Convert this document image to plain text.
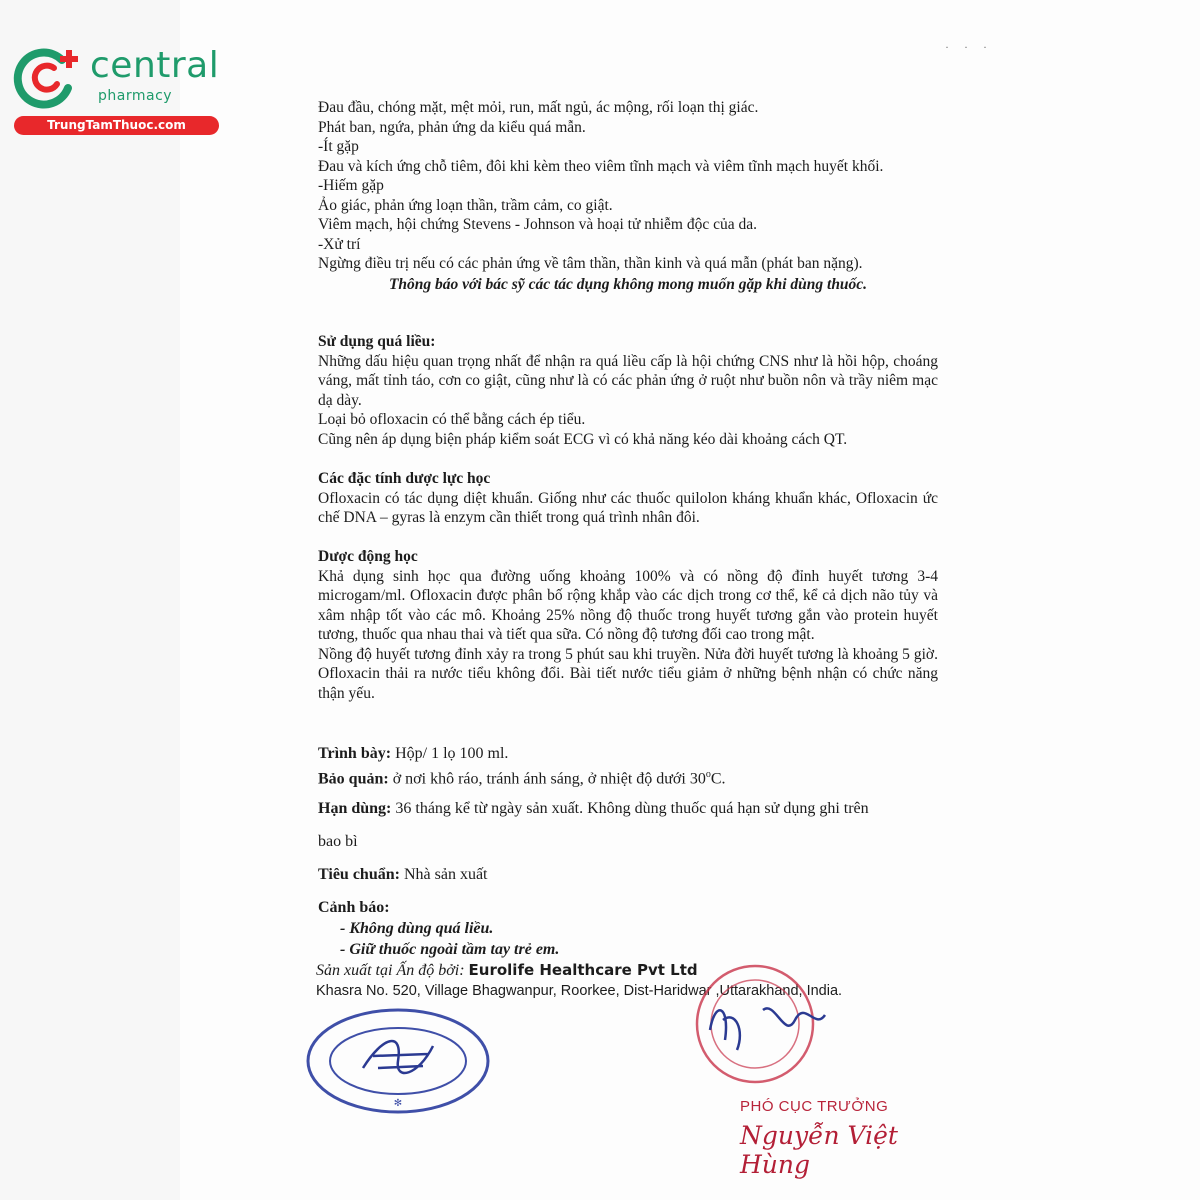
central
pharmacy
TrungTamThuoc.com
· · ·
Đau đầu, chóng mặt, mệt mỏi, run, mất ngủ, ác mộng, rối loạn thị giác.
Phát ban, ngứa, phản ứng da kiểu quá mẫn.
-Ít gặp
Đau và kích ứng chỗ tiêm, đôi khi kèm theo viêm tĩnh mạch và viêm tĩnh mạch huyết khối.
-Hiếm gặp
Ảo giác, phản ứng loạn thần, trầm cảm, co giật.
Viêm mạch, hội chứng Stevens - Johnson và hoại tử nhiễm độc của da.
-Xử trí
Ngừng điều trị nếu có các phản ứng về tâm thần, thần kinh và quá mẫn (phát ban nặng).
Thông báo với bác sỹ các tác dụng không mong muốn gặp khi dùng thuốc.
Sử dụng quá liều:
Những dấu hiệu quan trọng nhất để nhận ra quá liều cấp là hội chứng CNS như là hồi hộp, choáng váng, mất tỉnh táo, cơn co giật, cũng như là có các phản ứng ở ruột như buồn nôn và trầy niêm mạc dạ dày.
Loại bỏ ofloxacin có thể bằng cách ép tiểu.
Cũng nên áp dụng biện pháp kiểm soát ECG vì có khả năng kéo dài khoảng cách QT.
Các đặc tính dược lực học
Ofloxacin có tác dụng diệt khuẩn. Giống như các thuốc quilolon kháng khuẩn khác, Ofloxacin ức chế DNA – gyras là enzym cần thiết trong quá trình nhân đôi.
Dược động học
Khả dụng sinh học qua đường uống khoảng 100% và có nồng độ đỉnh huyết tương 3-4 microgam/ml. Ofloxacin được phân bố rộng khắp vào các dịch trong cơ thể, kể cả dịch não tủy và xâm nhập tốt vào các mô. Khoảng 25% nồng độ thuốc trong huyết tương gắn vào protein huyết tương, thuốc qua nhau thai và tiết qua sữa. Có nồng độ tương đối cao trong mật.
Nồng độ huyết tương đỉnh xảy ra trong 5 phút sau khi truyền. Nửa đời huyết tương là khoảng 5 giờ. Ofloxacin thải ra nước tiểu không đổi. Bài tiết nước tiểu giảm ở những bệnh nhận có chức năng thận yếu.
Trình bày: Hộp/ 1 lọ 100 ml.
Bảo quản: ở nơi khô ráo, tránh ánh sáng, ở nhiệt độ dưới 30$^o$C.
Hạn dùng: 36 tháng kể từ ngày sản xuất. Không dùng thuốc quá hạn sử dụng ghi trên
bao bì
Tiêu chuẩn: Nhà sản xuất
Cảnh báo:
- Không dùng quá liều.
- Giữ thuốc ngoài tầm tay trẻ em.
Sản xuất tại Ấn độ bởi: Eurolife Healthcare Pvt Ltd
Khasra No. 520, Village Bhagwanpur, Roorkee, Dist-Haridwar ,Uttarakhand, India.
✻	PHÓ CỤC TRƯỞNG
Nguyễn Việt Hùng
